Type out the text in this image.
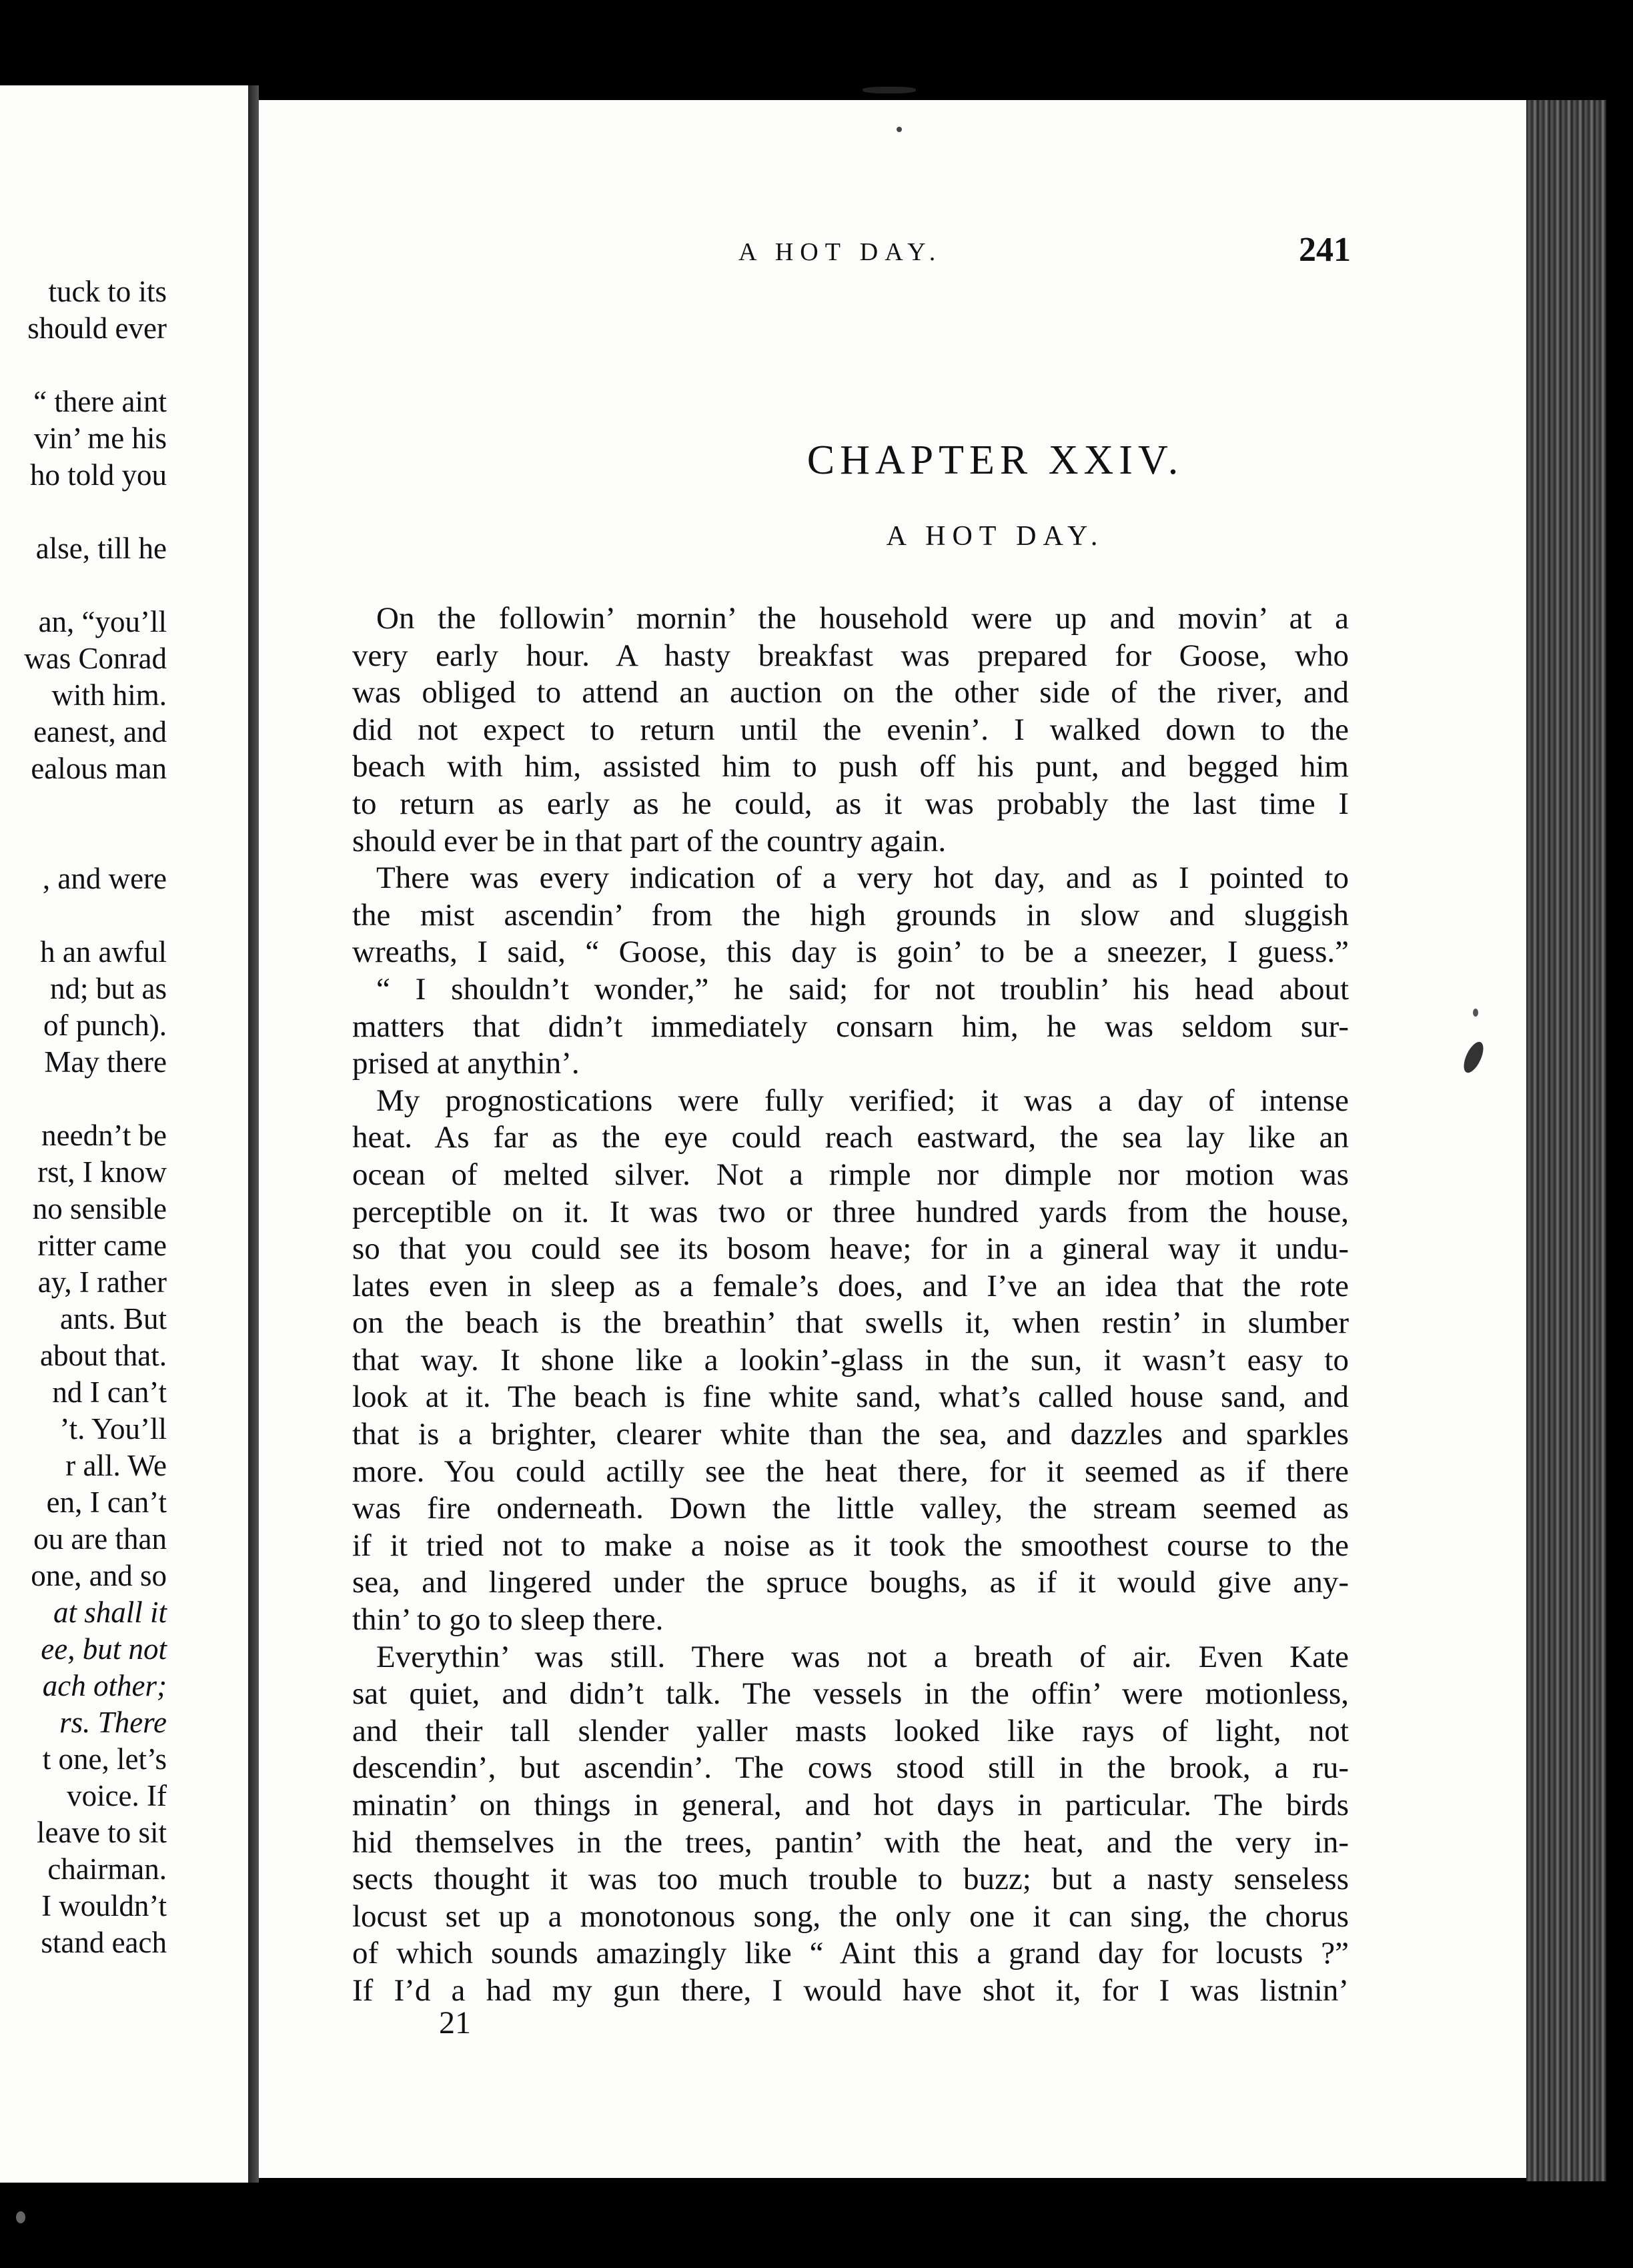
tuck to its
should ever
“ there aint
vin’ me his
ho told you
alse, till he
an, “you’ll
was Conrad
with him.
eanest, and
ealous man
, and were
h an awful
nd; but as
of punch).
May there
needn’t be
rst, I know
no sensible
ritter came
ay, I rather
ants. But
about that.
nd I can’t
’t. You’ll
r all. We
en, I can’t
ou are than
one, and so
at shall it
ee, but not
ach other;
rs. There
t one, let’s
voice. If
leave to sit
chairman.
I wouldn’t
stand each
A HOT DAY.	241
CHAPTER XXIV.
A HOT DAY.
On the followin’ mornin’ the household were up and movin’ at a
very early hour. A hasty breakfast was prepared for Goose, who
was obliged to attend an auction on the other side of the river, and
did not expect to return until the evenin’. I walked down to the
beach with him, assisted him to push off his punt, and begged him
to return as early as he could, as it was probably the last time I
should ever be in that part of the country again.
There was every indication of a very hot day, and as I pointed to
the mist ascendin’ from the high grounds in slow and sluggish
wreaths, I said, “ Goose, this day is goin’ to be a sneezer, I guess.”
“ I shouldn’t wonder,” he said; for not troublin’ his head about
matters that didn’t immediately consarn him, he was seldom sur-
prised at anythin’.
My prognostications were fully verified; it was a day of intense
heat. As far as the eye could reach eastward, the sea lay like an
ocean of melted silver. Not a rimple nor dimple nor motion was
perceptible on it. It was two or three hundred yards from the house,
so that you could see its bosom heave; for in a gineral way it undu-
lates even in sleep as a female’s does, and I’ve an idea that the rote
on the beach is the breathin’ that swells it, when restin’ in slumber
that way. It shone like a lookin’-glass in the sun, it wasn’t easy to
look at it. The beach is fine white sand, what’s called house sand, and
that is a brighter, clearer white than the sea, and dazzles and sparkles
more. You could actilly see the heat there, for it seemed as if there
was fire onderneath. Down the little valley, the stream seemed as
if it tried not to make a noise as it took the smoothest course to the
sea, and lingered under the spruce boughs, as if it would give any-
thin’ to go to sleep there.
Everythin’ was still. There was not a breath of air. Even Kate
sat quiet, and didn’t talk. The vessels in the offin’ were motionless,
and their tall slender yaller masts looked like rays of light, not
descendin’, but ascendin’. The cows stood still in the brook, a ru-
minatin’ on things in general, and hot days in particular. The birds
hid themselves in the trees, pantin’ with the heat, and the very in-
sects thought it was too much trouble to buzz; but a nasty senseless
locust set up a monotonous song, the only one it can sing, the chorus
of which sounds amazingly like “ Aint this a grand day for locusts ?”
If I’d a had my gun there, I would have shot it, for I was listnin’
21
